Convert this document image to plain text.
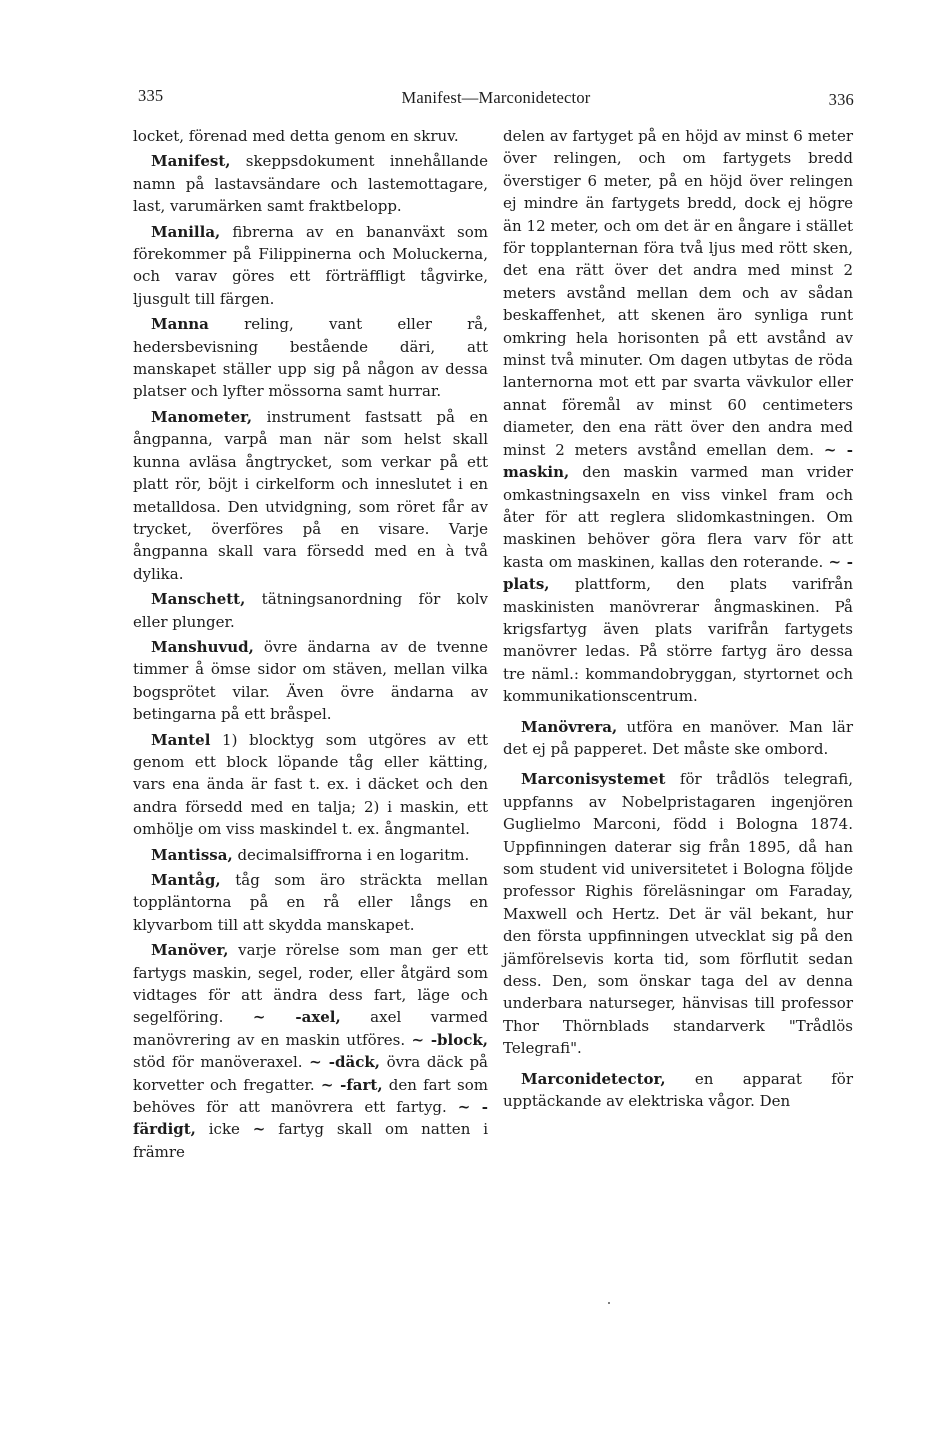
335	Manifest—Marconidetector	336

locket, förenad med detta genom en skruv.

Manifest, skeppsdokument innehållande namn på lastavsändare och lastemottagare, last, varumärken samt fraktbelopp.

Manilla, fibrerna av en bananväxt som förekommer på Filippinerna och Moluckerna, och varav göres ett förträffligt tågvirke, ljusgult till färgen.

Manna reling, vant eller rå, hedersbevisning bestående däri, att manskapet ställer upp sig på någon av dessa platser och lyfter mössorna samt hurrar.

Manometer, instrument fastsatt på en ångpanna, varpå man när som helst skall kunna avläsa ångtrycket, som verkar på ett platt rör, böjt i cirkelform och inneslutet i en metalldosa. Den utvidgning, som röret får av trycket, överföres på en visare. Varje ångpanna skall vara försedd med en à två dylika.

Manschett, tätningsanordning för kolv eller plunger.

Manshuvud, övre ändarna av de tvenne timmer å ömse sidor om stäven, mellan vilka bogsprötet vilar. Även övre ändarna av betingarna på ett bråspel.

Mantel 1) blocktyg som utgöres av ett genom ett block löpande tåg eller kätting, vars ena ända är fast t. ex. i däcket och den andra försedd med en talja; 2) i maskin, ett omhölje om viss maskindel t. ex. ångmantel.

Mantissa, decimalsiffrorna i en logaritm.

Mantåg, tåg som äro sträckta mellan toppläntorna på en rå eller långs en klyvarbom till att skydda manskapet.

Manöver, varje rörelse som man ger ett fartygs maskin, segel, roder, eller åtgärd som vidtages för att ändra dess fart, läge och segelföring. ~ -axel, axel varmed manövrering av en maskin utföres. ~ -block, stöd för manöveraxel. ~ -däck, övra däck på korvetter och fregatter. ~ -fart, den fart som behöves för att manövrera ett fartyg. ~ -färdigt, icke ~ fartyg skall om natten i främre

delen av fartyget på en höjd av minst 6 meter över relingen, och om fartygets bredd överstiger 6 meter, på en höjd över relingen ej mindre än fartygets bredd, dock ej högre än 12 meter, och om det är en ångare i stället för topplanternan föra två ljus med rött sken, det ena rätt över det andra med minst 2 meters avstånd mellan dem och av sådan beskaffenhet, att skenen äro synliga runt omkring hela horisonten på ett avstånd av minst två minuter. Om dagen utbytas de röda lanternorna mot ett par svarta vävkulor eller annat föremål av minst 60 centimeters diameter, den ena rätt över den andra med minst 2 meters avstånd emellan dem. ~ -maskin, den maskin varmed man vrider omkastningsaxeln en viss vinkel fram och åter för att reglera slidomkastningen. Om maskinen behöver göra flera varv för att kasta om maskinen, kallas den roterande. ~ -plats, plattform, den plats varifrån maskinisten manövrerar ångmaskinen. På krigsfartyg även plats varifrån fartygets manövrer ledas. På större fartyg äro dessa tre näml.: kommandobryggan, styrtornet och kommunikationscentrum.

Manövrera, utföra en manöver. Man lär det ej på papperet. Det måste ske ombord.

Marconisystemet för trådlös telegrafi, uppfanns av Nobelpristagaren ingenjören Guglielmo Marconi, född i Bologna 1874. Uppfinningen daterar sig från 1895, då han som student vid universitetet i Bologna följde professor Righis föreläsningar om Faraday, Maxwell och Hertz. Det är väl bekant, hur den första uppfinningen utvecklat sig på den jämförelsevis korta tid, som förflutit sedan dess. Den, som önskar taga del av denna underbara naturseger, hänvisas till professor Thor Thörnblads standarverk "Trådlös Telegrafi".

Marconidetector, en apparat för upptäckande av elektriska vågor. Den
